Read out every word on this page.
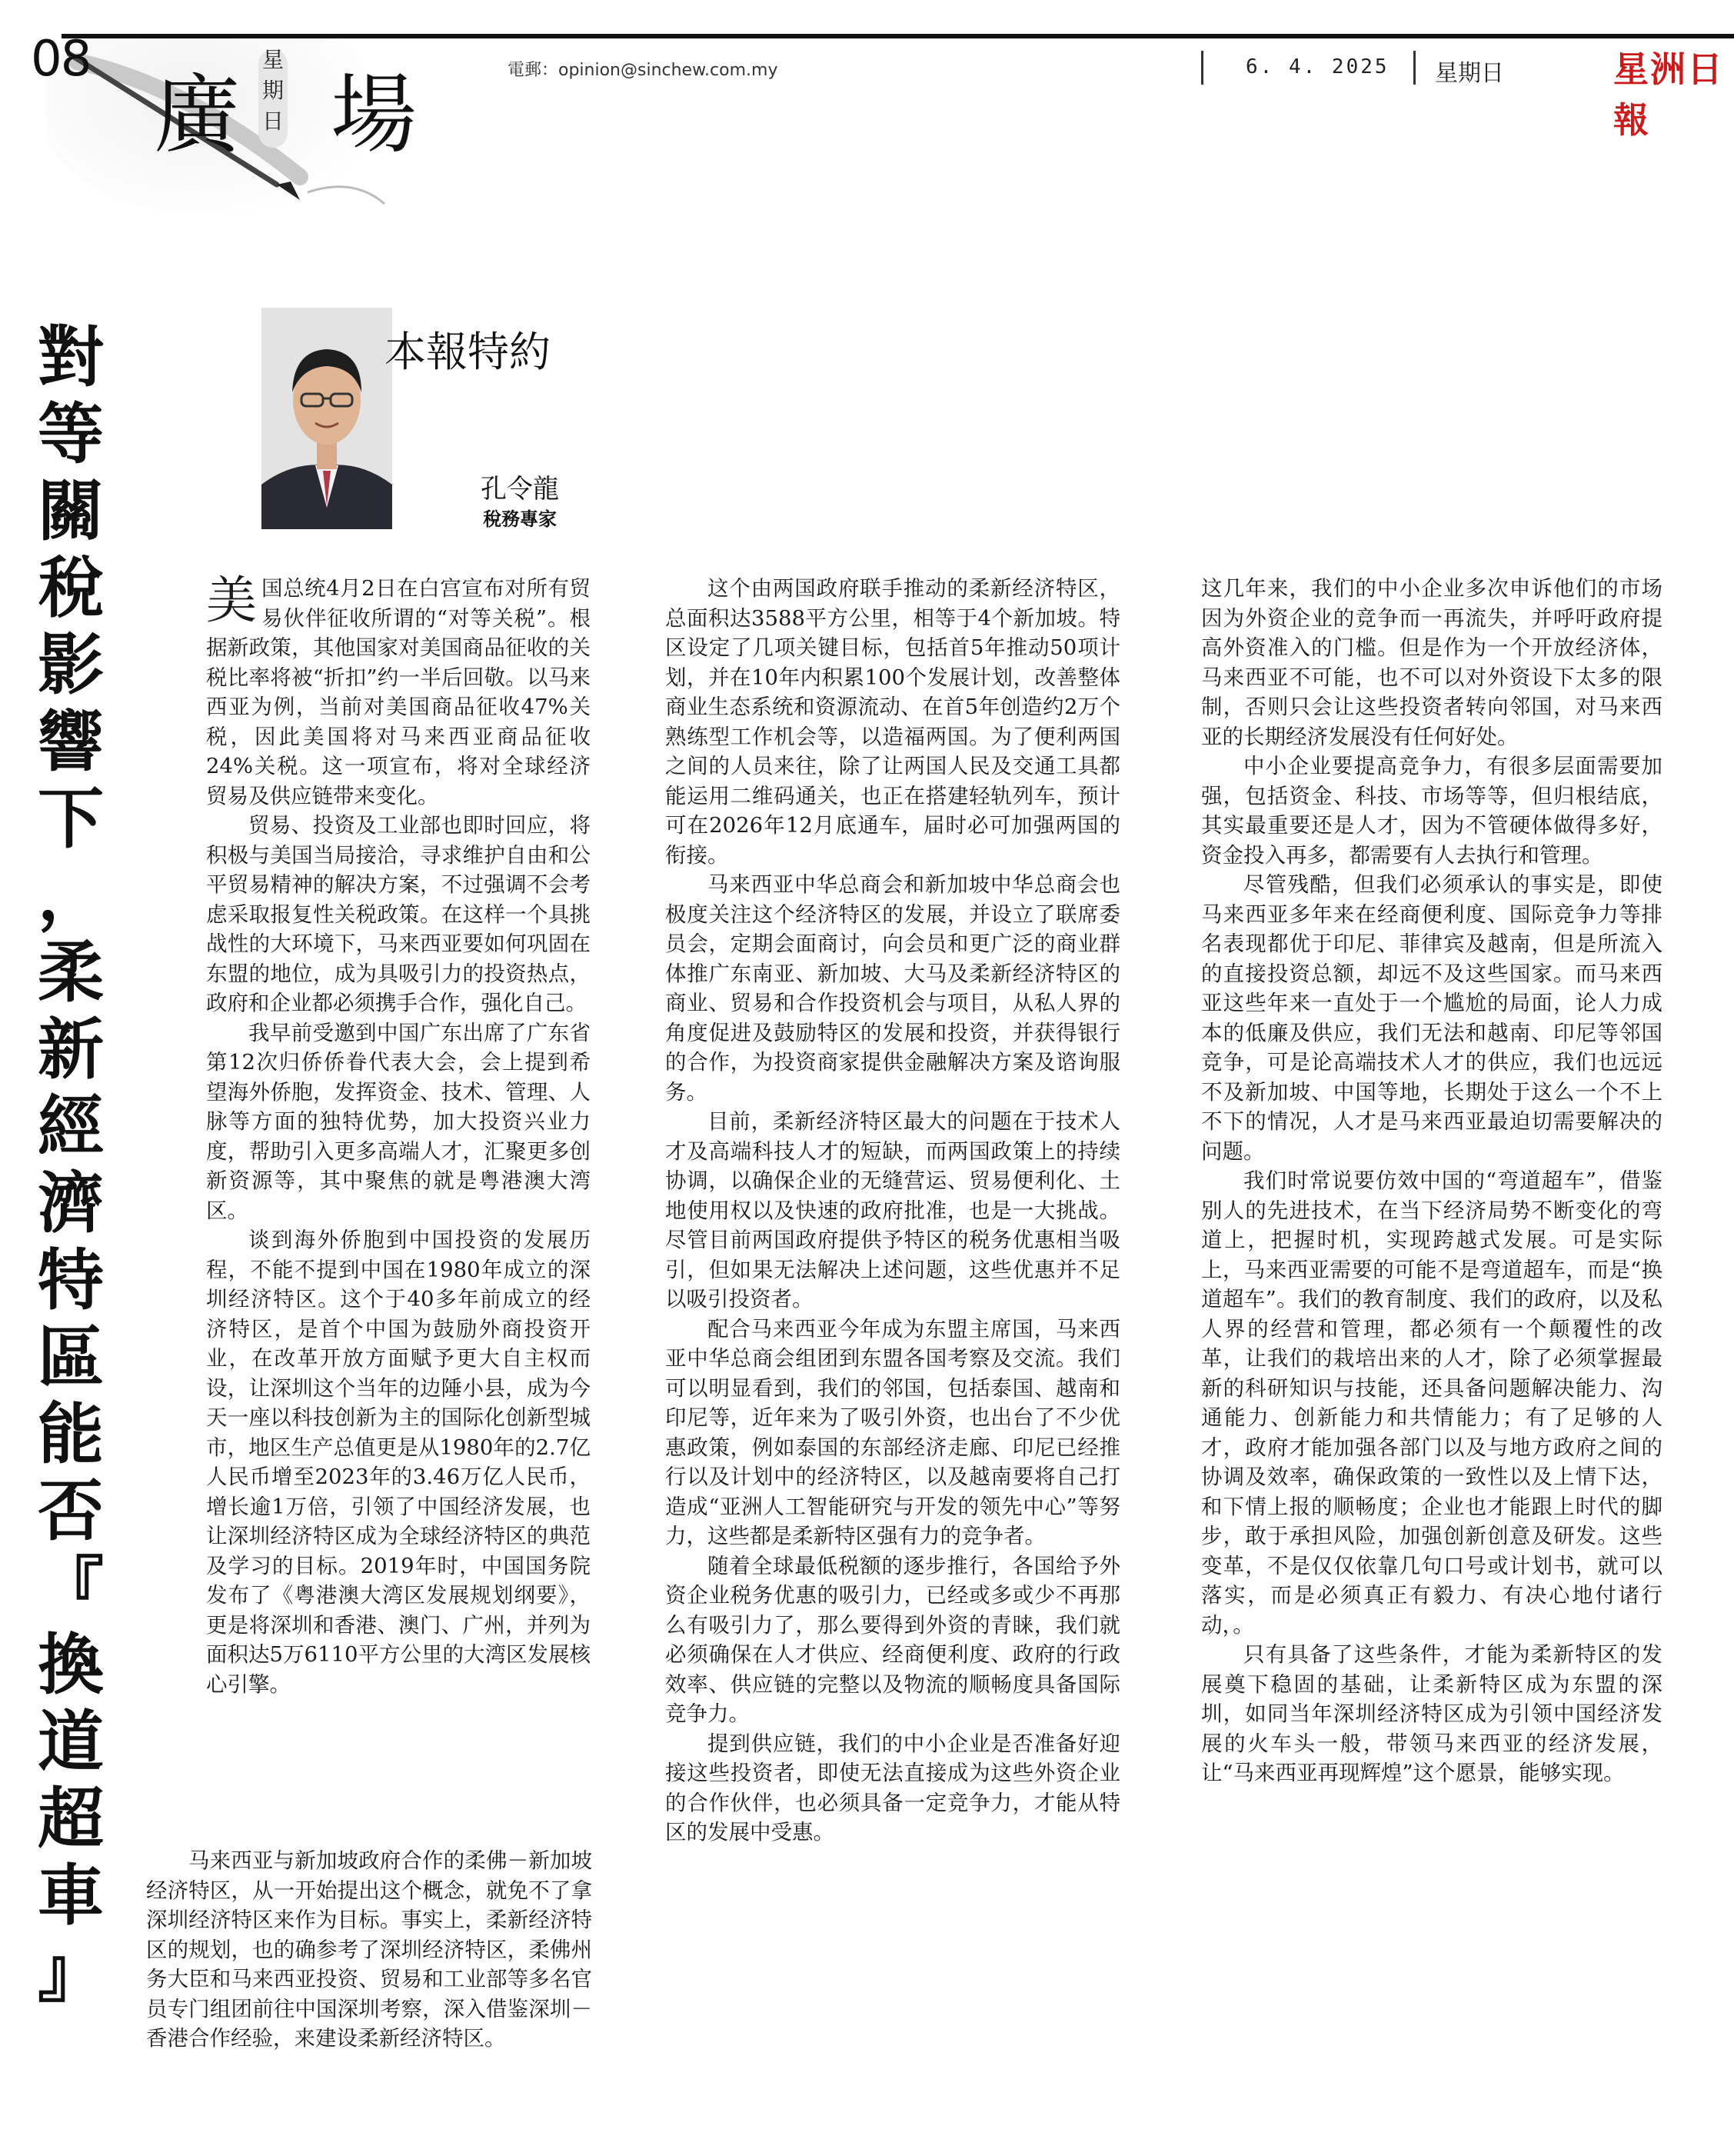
08
廣 場
星期日
電郵：opinion@sinchew.com.my	6. 4. 2025 星期日	星洲日報
對
等
關
稅
影
響
下
，
柔
新
經
濟
特
區
能
否
『
換
道
超
車
』
本報特約
孔令龍
稅務專家

美国总统4月2日在白宫宣布对所有贸易伙伴征收所谓的“对等关税”。根据新政策，其他国家对美国商品征收的关税比率将被“折扣”约一半后回敬。以马来西亚为例，当前对美国商品征收47%关税，因此美国将对马来西亚商品征收24%关税。这一项宣布，将对全球经济贸易及供应链带来变化。

贸易、投资及工业部也即时回应，将积极与美国当局接洽，寻求维护自由和公平贸易精神的解决方案，不过强调不会考虑采取报复性关税政策。在这样一个具挑战性的大环境下，马来西亚要如何巩固在东盟的地位，成为具吸引力的投资热点，政府和企业都必须携手合作，强化自己。

我早前受邀到中国广东出席了广东省第12次归侨侨眷代表大会，会上提到希望海外侨胞，发挥资金、技术、管理、人脉等方面的独特优势，加大投资兴业力度，帮助引入更多高端人才，汇聚更多创新资源等，其中聚焦的就是粤港澳大湾区。

谈到海外侨胞到中国投资的发展历程，不能不提到中国在1980年成立的深圳经济特区。这个于40多年前成立的经济特区，是首个中国为鼓励外商投资开业，在改革开放方面赋予更大自主权而设，让深圳这个当年的边陲小县，成为今天一座以科技创新为主的国际化创新型城市，地区生产总值更是从1980年的2.7亿人民币增至2023年的3.46万亿人民币，增长逾1万倍，引领了中国经济发展，也让深圳经济特区成为全球经济特区的典范及学习的目标。2019年时，中国国务院发布了《粤港澳大湾区发展规划纲要》，更是将深圳和香港、澳门、广州，并列为面积达5万6110平方公里的大湾区发展核心引擎。

马来西亚与新加坡政府合作的柔佛－新加坡经济特区，从一开始提出这个概念，就免不了拿深圳经济特区来作为目标。事实上，柔新经济特区的规划，也的确参考了深圳经济特区，柔佛州务大臣和马来西亚投资、贸易和工业部等多名官员专门组团前往中国深圳考察，深入借鉴深圳－香港合作经验，来建设柔新经济特区。

这个由两国政府联手推动的柔新经济特区，总面积达3588平方公里，相等于4个新加坡。特区设定了几项关键目标，包括首5年推动50项计划，并在10年内积累100个发展计划，改善整体商业生态系统和资源流动、在首5年创造约2万个熟练型工作机会等，以造福两国。为了便利两国之间的人员来往，除了让两国人民及交通工具都能运用二维码通关，也正在搭建轻轨列车，预计可在2026年12月底通车，届时必可加强两国的衔接。

马来西亚中华总商会和新加坡中华总商会也极度关注这个经济特区的发展，并设立了联席委员会，定期会面商讨，向会员和更广泛的商业群体推广东南亚、新加坡、大马及柔新经济特区的商业、贸易和合作投资机会与项目，从私人界的角度促进及鼓励特区的发展和投资，并获得银行的合作，为投资商家提供金融解决方案及谘询服务。

目前，柔新经济特区最大的问题在于技术人才及高端科技人才的短缺，而两国政策上的持续协调，以确保企业的无缝营运、贸易便利化、土地使用权以及快速的政府批准，也是一大挑战。尽管目前两国政府提供予特区的税务优惠相当吸引，但如果无法解决上述问题，这些优惠并不足以吸引投资者。

配合马来西亚今年成为东盟主席国，马来西亚中华总商会组团到东盟各国考察及交流。我们可以明显看到，我们的邻国，包括泰国、越南和印尼等，近年来为了吸引外资，也出台了不少优惠政策，例如泰国的东部经济走廊、印尼已经推行以及计划中的经济特区，以及越南要将自己打造成“亚洲人工智能研究与开发的领先中心”等努力，这些都是柔新特区强有力的竞争者。

随着全球最低税额的逐步推行，各国给予外资企业税务优惠的吸引力，已经或多或少不再那么有吸引力了，那么要得到外资的青睐，我们就必须确保在人才供应、经商便利度、政府的行政效率、供应链的完整以及物流的顺畅度具备国际竞争力。

提到供应链，我们的中小企业是否准备好迎接这些投资者，即使无法直接成为这些外资企业的合作伙伴，也必须具备一定竞争力，才能从特区的发展中受惠。

这几年来，我们的中小企业多次申诉他们的市场因为外资企业的竞争而一再流失，并呼吁政府提高外资准入的门槛。但是作为一个开放经济体，马来西亚不可能，也不可以对外资设下太多的限制，否则只会让这些投资者转向邻国，对马来西亚的长期经济发展没有任何好处。

中小企业要提高竞争力，有很多层面需要加强，包括资金、科技、市场等等，但归根结底，其实最重要还是人才，因为不管硬体做得多好，资金投入再多，都需要有人去执行和管理。

尽管残酷，但我们必须承认的事实是，即使马来西亚多年来在经商便利度、国际竞争力等排名表现都优于印尼、菲律宾及越南，但是所流入的直接投资总额，却远不及这些国家。而马来西亚这些年来一直处于一个尴尬的局面，论人力成本的低廉及供应，我们无法和越南、印尼等邻国竞争，可是论高端技术人才的供应，我们也远远不及新加坡、中国等地，长期处于这么一个不上不下的情况，人才是马来西亚最迫切需要解决的问题。

我们时常说要仿效中国的“弯道超车”，借鉴别人的先进技术，在当下经济局势不断变化的弯道上，把握时机，实现跨越式发展。可是实际上，马来西亚需要的可能不是弯道超车，而是“换道超车”。我们的教育制度、我们的政府，以及私人界的经营和管理，都必须有一个颠覆性的改革，让我们的栽培出来的人才，除了必须掌握最新的科研知识与技能，还具备问题解决能力、沟通能力、创新能力和共情能力；有了足够的人才，政府才能加强各部门以及与地方政府之间的协调及效率，确保政策的一致性以及上情下达，和下情上报的顺畅度；企业也才能跟上时代的脚步，敢于承担风险，加强创新创意及研发。这些变革，不是仅仅依靠几句口号或计划书，就可以落实，而是必须真正有毅力、有决心地付诸行动，。

只有具备了这些条件，才能为柔新特区的发展奠下稳固的基础，让柔新特区成为东盟的深圳，如同当年深圳经济特区成为引领中国经济发展的火车头一般，带领马来西亚的经济发展，让“马来西亚再现辉煌”这个愿景，能够实现。
